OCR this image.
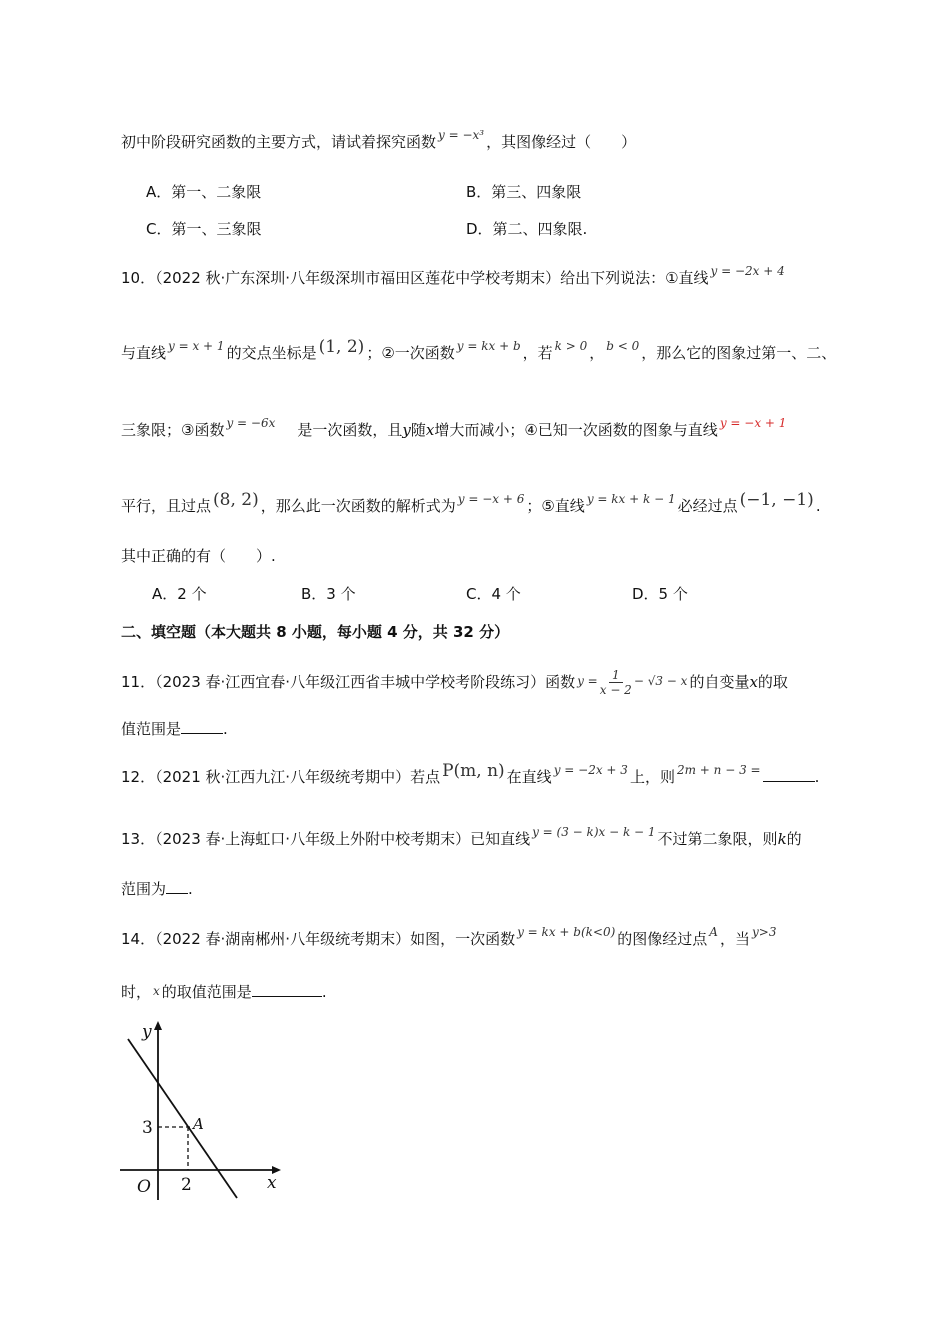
初中阶段研究函数的主要方式，请试着探究函数 $^{y = -x^3}$ ，其图像经过（　　）
A．第一、二象限	B．第三、四象限
C．第一、三象限	D．第二、四象限.
10．（2022 秋·广东深圳·八年级深圳市福田区莲花中学校考期末）给出下列说法：①直线 $^{y = -2x + 4}$
与直线 $^{y = x + 1}$ 的交点坐标是 (1, 2) ；②一次函数 $^{y = kx + b}$ ，若 $^{k > 0}$ ， $^{b < 0}$ ，那么它的图象过第一、二、
三象限；③函数 $^{y = -6x}$ 是一次函数，且y随x增大而减小；④已知一次函数的图象与直线 $^{y = -x + 1}$
平行，且过点 (8, 2) ，那么此一次函数的解析式为 $^{y = -x + 6}$ ；⑤直线 $^{y = kx + k - 1}$ 必经过点 (−1, −1) .
其中正确的有（　　）.
A．2 个	B．3 个	C．4 个	D．5 个
二、填空题（本大题共 8 小题，每小题 4 分，共 32 分）
11．（2023 春·江西宜春·八年级江西省丰城中学校考阶段练习）函数 $y = \frac{1}{x - 2} - √3 - x$ 的自变量x的取
值范围是	.
12．（2021 秋·江西九江·八年级统考期中）若点 P(m, n) 在直线 $^{y = -2x + 3}$ 上，则 $^{2m + n - 3 =}$	.
13．（2023 春·上海虹口·八年级上外附中校考期末）已知直线 $^{y = (3 - k)x - k - 1}$ 不过第二象限，则k的
范围为 .
14．（2022 春·湖南郴州·八年级统考期末）如图，一次函数 $^{y = kx + b(k<0)}$ 的图像经过点 $^A$ ，当 $^{y>3}$
时， x 的取值范围是	.
y
x
O
3
2
A
